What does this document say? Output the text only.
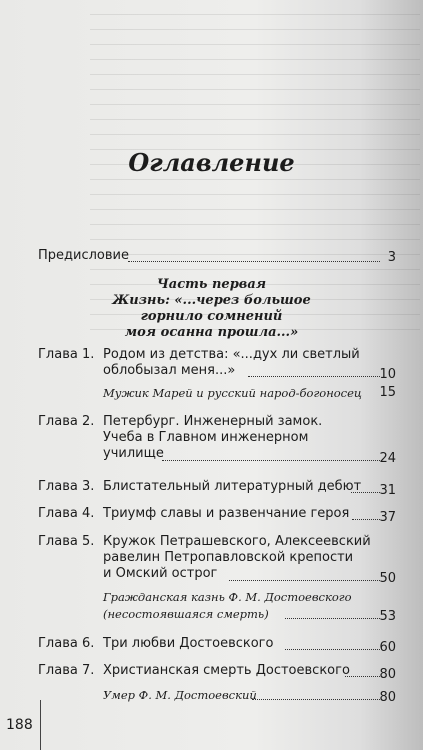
Оглавление
Предисловие	3
Часть первая
Жизнь: «...через большое
горнило сомнений
моя осанна прошла...»
Глава 1. Родом из детства: «...дух ли светлый
облобызал меня...»	10
Мужик Марей и русский народ-богоносец	15
Глава 2. Петербург. Инженерный замок.
Учеба в Главном инженерном
училище	24
Глава 3. Блистательный литературный дебют	31
Глава 4. Триумф славы и развенчание героя	37
Глава 5. Кружок Петрашевского, Алексеевский
равелин Петропавловской крепости
и Омский острог	50
Гражданская казнь Ф. М. Достоевского
(несостоявшаяся смерть)	53
Глава 6. Три любви Достоевского	60
Глава 7. Христианская смерть Достоевского	80
Умер Ф. М. Достоевский	80
188
